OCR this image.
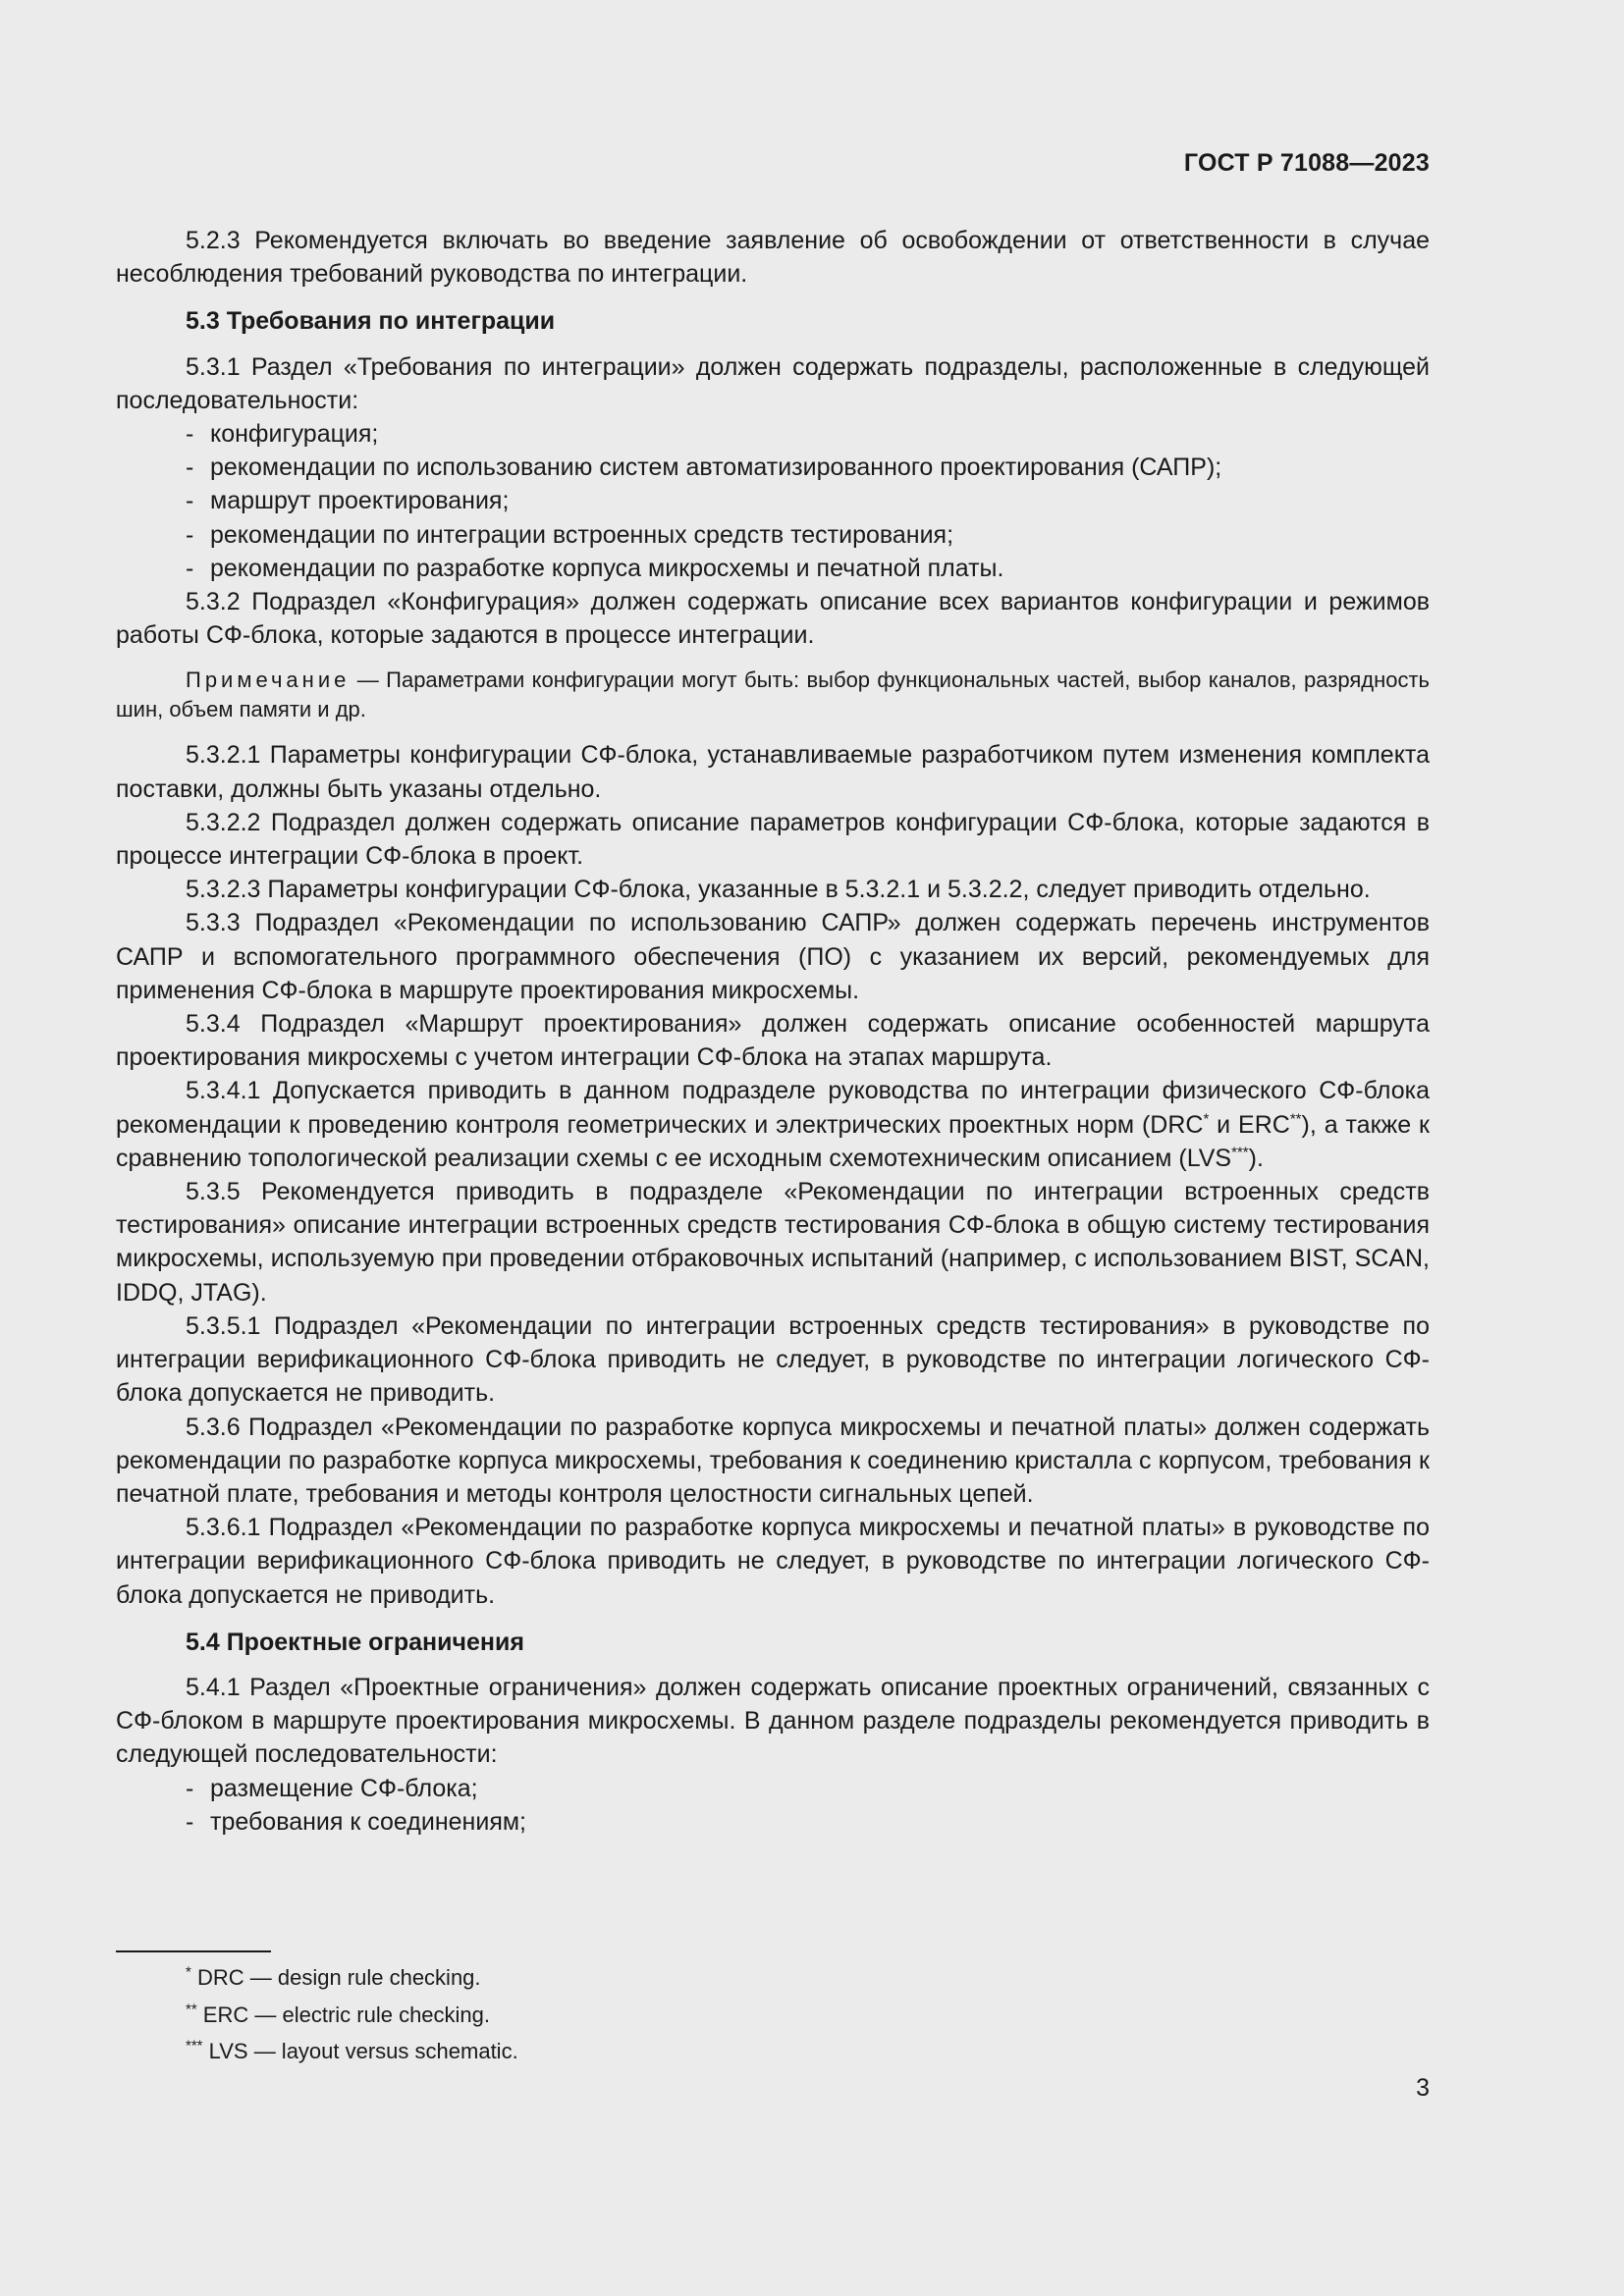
ГОСТ Р 71088—2023

5.2.3 Рекомендуется включать во введение заявление об освобождении от ответственности в случае несоблюдения требований руководства по интеграции.

5.3 Требования по интеграции

5.3.1 Раздел «Требования по интеграции» должен содержать подразделы, расположенные в следующей последовательности:

- конфигурация;
- рекомендации по использованию систем автоматизированного проектирования (САПР);
- маршрут проектирования;
- рекомендации по интеграции встроенных средств тестирования;
- рекомендации по разработке корпуса микросхемы и печатной платы.

5.3.2 Подраздел «Конфигурация» должен содержать описание всех вариантов конфигурации и режимов работы СФ-блока, которые задаются в процессе интеграции.

Примечание — Параметрами конфигурации могут быть: выбор функциональных частей, выбор каналов, разрядность шин, объем памяти и др.

5.3.2.1 Параметры конфигурации СФ-блока, устанавливаемые разработчиком путем изменения комплекта поставки, должны быть указаны отдельно.

5.3.2.2 Подраздел должен содержать описание параметров конфигурации СФ-блока, которые задаются в процессе интеграции СФ-блока в проект.

5.3.2.3 Параметры конфигурации СФ-блока, указанные в 5.3.2.1 и 5.3.2.2, следует приводить отдельно.

5.3.3 Подраздел «Рекомендации по использованию САПР» должен содержать перечень инструментов САПР и вспомогательного программного обеспечения (ПО) с указанием их версий, рекомендуемых для применения СФ-блока в маршруте проектирования микросхемы.

5.3.4 Подраздел «Маршрут проектирования» должен содержать описание особенностей маршрута проектирования микросхемы с учетом интеграции СФ-блока на этапах маршрута.

5.3.4.1 Допускается приводить в данном подразделе руководства по интеграции физического СФ-блока рекомендации к проведению контроля геометрических и электрических проектных норм (DRC* и ERC**), а также к сравнению топологической реализации схемы с ее исходным схемотехническим описанием (LVS***).

5.3.5 Рекомендуется приводить в подразделе «Рекомендации по интеграции встроенных средств тестирования» описание интеграции встроенных средств тестирования СФ-блока в общую систему тестирования микросхемы, используемую при проведении отбраковочных испытаний (например, с использованием BIST, SCAN, IDDQ, JTAG).

5.3.5.1 Подраздел «Рекомендации по интеграции встроенных средств тестирования» в руководстве по интеграции верификационного СФ-блока приводить не следует, в руководстве по интеграции логического СФ-блока допускается не приводить.

5.3.6 Подраздел «Рекомендации по разработке корпуса микросхемы и печатной платы» должен содержать рекомендации по разработке корпуса микросхемы, требования к соединению кристалла с корпусом, требования к печатной плате, требования и методы контроля целостности сигнальных цепей.

5.3.6.1 Подраздел «Рекомендации по разработке корпуса микросхемы и печатной платы» в руководстве по интеграции верификационного СФ-блока приводить не следует, в руководстве по интеграции логического СФ-блока допускается не приводить.

5.4 Проектные ограничения

5.4.1 Раздел «Проектные ограничения» должен содержать описание проектных ограничений, связанных с СФ-блоком в маршруте проектирования микросхемы. В данном разделе подразделы рекомендуется приводить в следующей последовательности:

- размещение СФ-блока;
- требования к соединениям;
* DRC — design rule checking.
** ERC — electric rule checking.
*** LVS — layout versus schematic.
3
